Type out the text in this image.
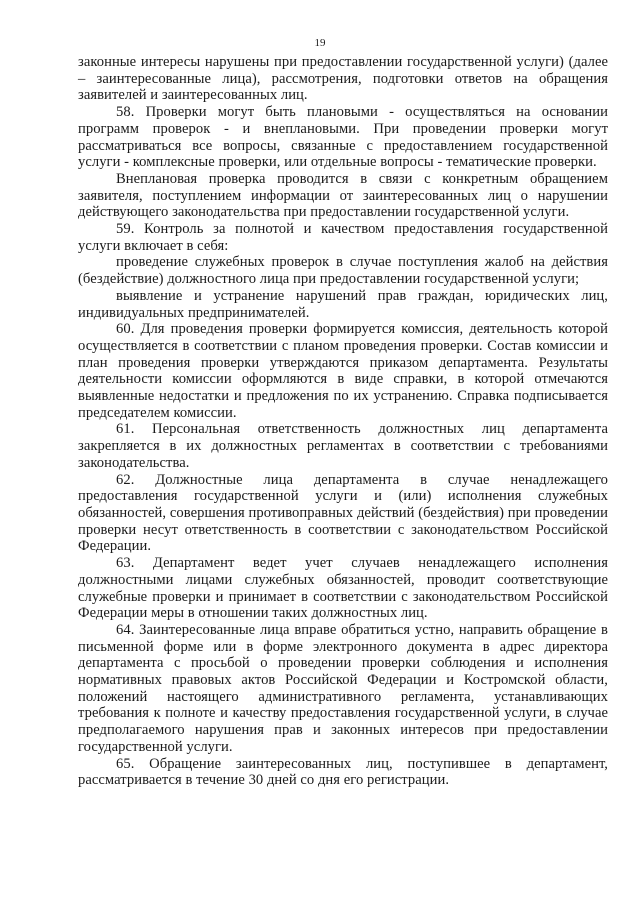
19

законные интересы нарушены при предоставлении государственной услуги) (далее – заинтересованные лица), рассмотрения, подготовки ответов на обращения заявителей и заинтересованных лиц.

58. Проверки могут быть плановыми - осуществляться на основании программ проверок - и внеплановыми. При проведении проверки могут рассматриваться все вопросы, связанные с предоставлением государственной услуги - комплексные проверки, или отдельные вопросы - тематические проверки.

Внеплановая проверка проводится в связи с конкретным обращением заявителя, поступлением информации от заинтересованных лиц о нарушении действующего законодательства при предоставлении государственной услуги.

59. Контроль за полнотой и качеством предоставления государственной услуги включает в себя:

проведение служебных проверок в случае поступления жалоб на действия (бездействие) должностного лица при предоставлении государственной услуги;

выявление и устранение нарушений прав граждан, юридических лиц, индивидуальных предпринимателей.

60. Для проведения проверки формируется комиссия, деятельность которой осуществляется в соответствии с планом проведения проверки. Состав комиссии и план проведения проверки утверждаются приказом департамента. Результаты деятельности комиссии оформляются в виде справки, в которой отмечаются выявленные недостатки и предложения по их устранению. Справка подписывается председателем комиссии.

61. Персональная ответственность должностных лиц департамента закрепляется в их должностных регламентах в соответствии с требованиями законодательства.

62. Должностные лица департамента в случае ненадлежащего предоставления государственной услуги и (или) исполнения служебных обязанностей, совершения противоправных действий (бездействия) при проведении проверки несут ответственность в соответствии с законодательством Российской Федерации.

63. Департамент ведет учет случаев ненадлежащего исполнения должностными лицами служебных обязанностей, проводит соответствующие служебные проверки и принимает в соответствии с законодательством Российской Федерации меры в отношении таких должностных лиц.

64. Заинтересованные лица вправе обратиться устно, направить обращение в письменной форме или в форме электронного документа в адрес директора департамента с просьбой о проведении проверки соблюдения и исполнения нормативных правовых актов Российской Федерации и Костромской области, положений настоящего административного регламента, устанавливающих требования к полноте и качеству предоставления государственной услуги, в случае предполагаемого нарушения прав и законных интересов при предоставлении государственной услуги.

65. Обращение заинтересованных лиц, поступившее в департамент, рассматривается в течение 30 дней со дня его регистрации.
